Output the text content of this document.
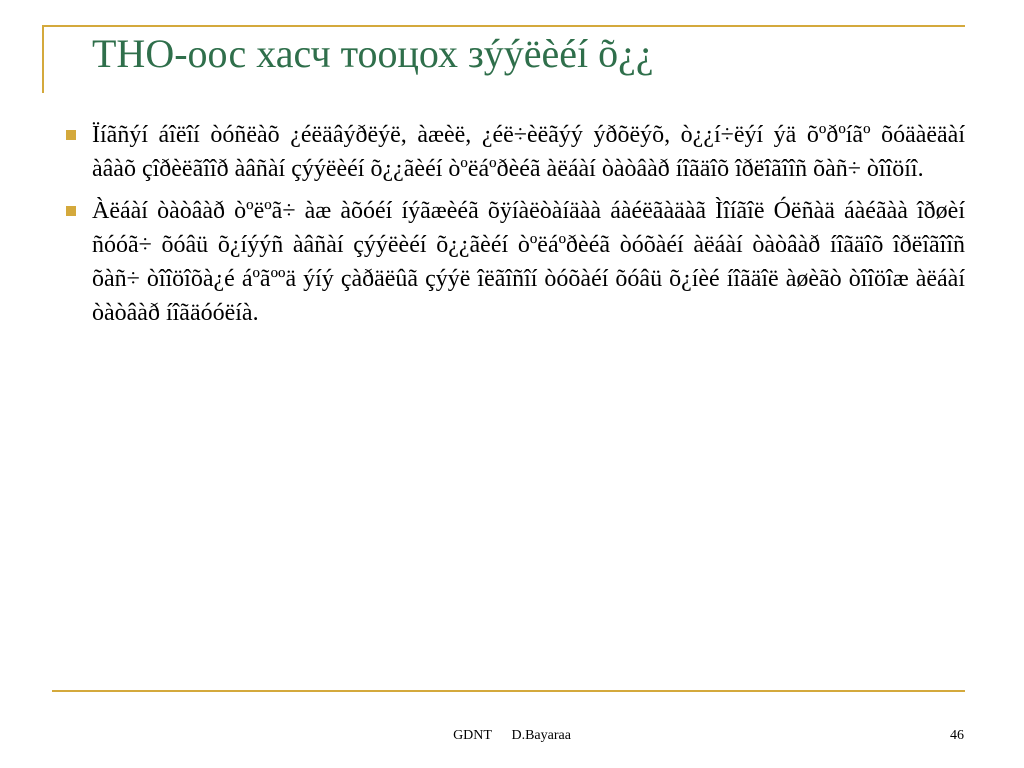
ТНО-оос хасч тооцох зýýëèéí õ¿¿
Ïíãñýí áîëîí òóñëàõ ¿éëäâýðëýë, àæèë, ¿éë÷èëãýý ýðõëýõ, ò¿¿í÷ëýí ýä õºðºíãº õóäàëäàí àâàõ çîðèëãîîð àâñàí çýýëèéí õ¿¿ãèéí òºëáºðèéã àëáàí òàòâàð íîãäîõ îðëîãîîñ õàñ÷ òîîöíî.
Àëáàí òàòâàð òºëºã÷ àæ àõóéí íýãæèéã õÿíàëòàíäàà áàéëãàäàã Ìîíãîë Óëñàä áàéãàà îðøèí ñóóã÷ õóâü õ¿íýýñ àâñàí çýýëèéí õ¿¿ãèéí òºëáºðèéã òóõàéí àëáàí òàòâàð íîãäîõ îðëîãîîñ õàñ÷ òîîöîõà¿é áºãººä ýíý çàðäëûã çýýë îëãîñîí òóõàéí õóâü õ¿íèé íîãäîë àøèãò òîîöîæ àëáàí òàòâàð íîãäóóëíà.
GDNT D.Bayaraa	46
